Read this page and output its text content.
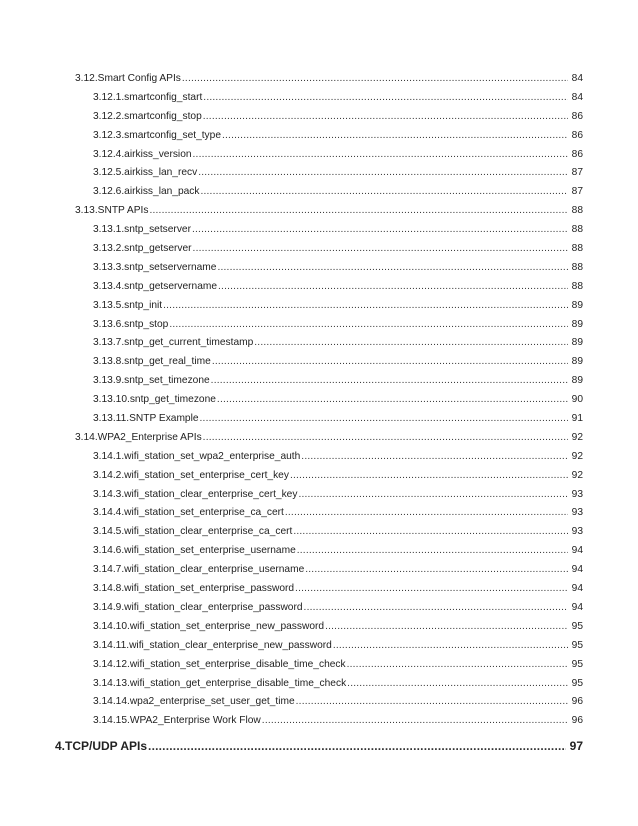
3.12. Smart Config APIs .....	84
3.12.1. smartconfig_start .....	84
3.12.2. smartconfig_stop .....	86
3.12.3. smartconfig_set_type .....	86
3.12.4. airkiss_version .....	86
3.12.5. airkiss_lan_recv .....	87
3.12.6. airkiss_lan_pack .....	87
3.13. SNTP APIs .....	88
3.13.1. sntp_setserver .....	88
3.13.2. sntp_getserver .....	88
3.13.3. sntp_setservername .....	88
3.13.4. sntp_getservername .....	88
3.13.5. sntp_init .....	89
3.13.6. sntp_stop .....	89
3.13.7. sntp_get_current_timestamp .....	89
3.13.8. sntp_get_real_time .....	89
3.13.9. sntp_set_timezone .....	89
3.13.10. sntp_get_timezone .....	90
3.13.11. SNTP Example .....	91
3.14. WPA2_Enterprise APIs .....	92
3.14.1. wifi_station_set_wpa2_enterprise_auth .....	92
3.14.2. wifi_station_set_enterprise_cert_key .....	92
3.14.3. wifi_station_clear_enterprise_cert_key .....	93
3.14.4. wifi_station_set_enterprise_ca_cert .....	93
3.14.5. wifi_station_clear_enterprise_ca_cert .....	93
3.14.6. wifi_station_set_enterprise_username .....	94
3.14.7. wifi_station_clear_enterprise_username .....	94
3.14.8. wifi_station_set_enterprise_password .....	94
3.14.9. wifi_station_clear_enterprise_password .....	94
3.14.10. wifi_station_set_enterprise_new_password .....	95
3.14.11. wifi_station_clear_enterprise_new_password .....	95
3.14.12. wifi_station_set_enterprise_disable_time_check .....	95
3.14.13. wifi_station_get_enterprise_disable_time_check .....	95
3.14.14. wpa2_enterprise_set_user_get_time .....	96
3.14.15. WPA2_Enterprise Work Flow .....	96
4. TCP/UDP APIs .....	97
